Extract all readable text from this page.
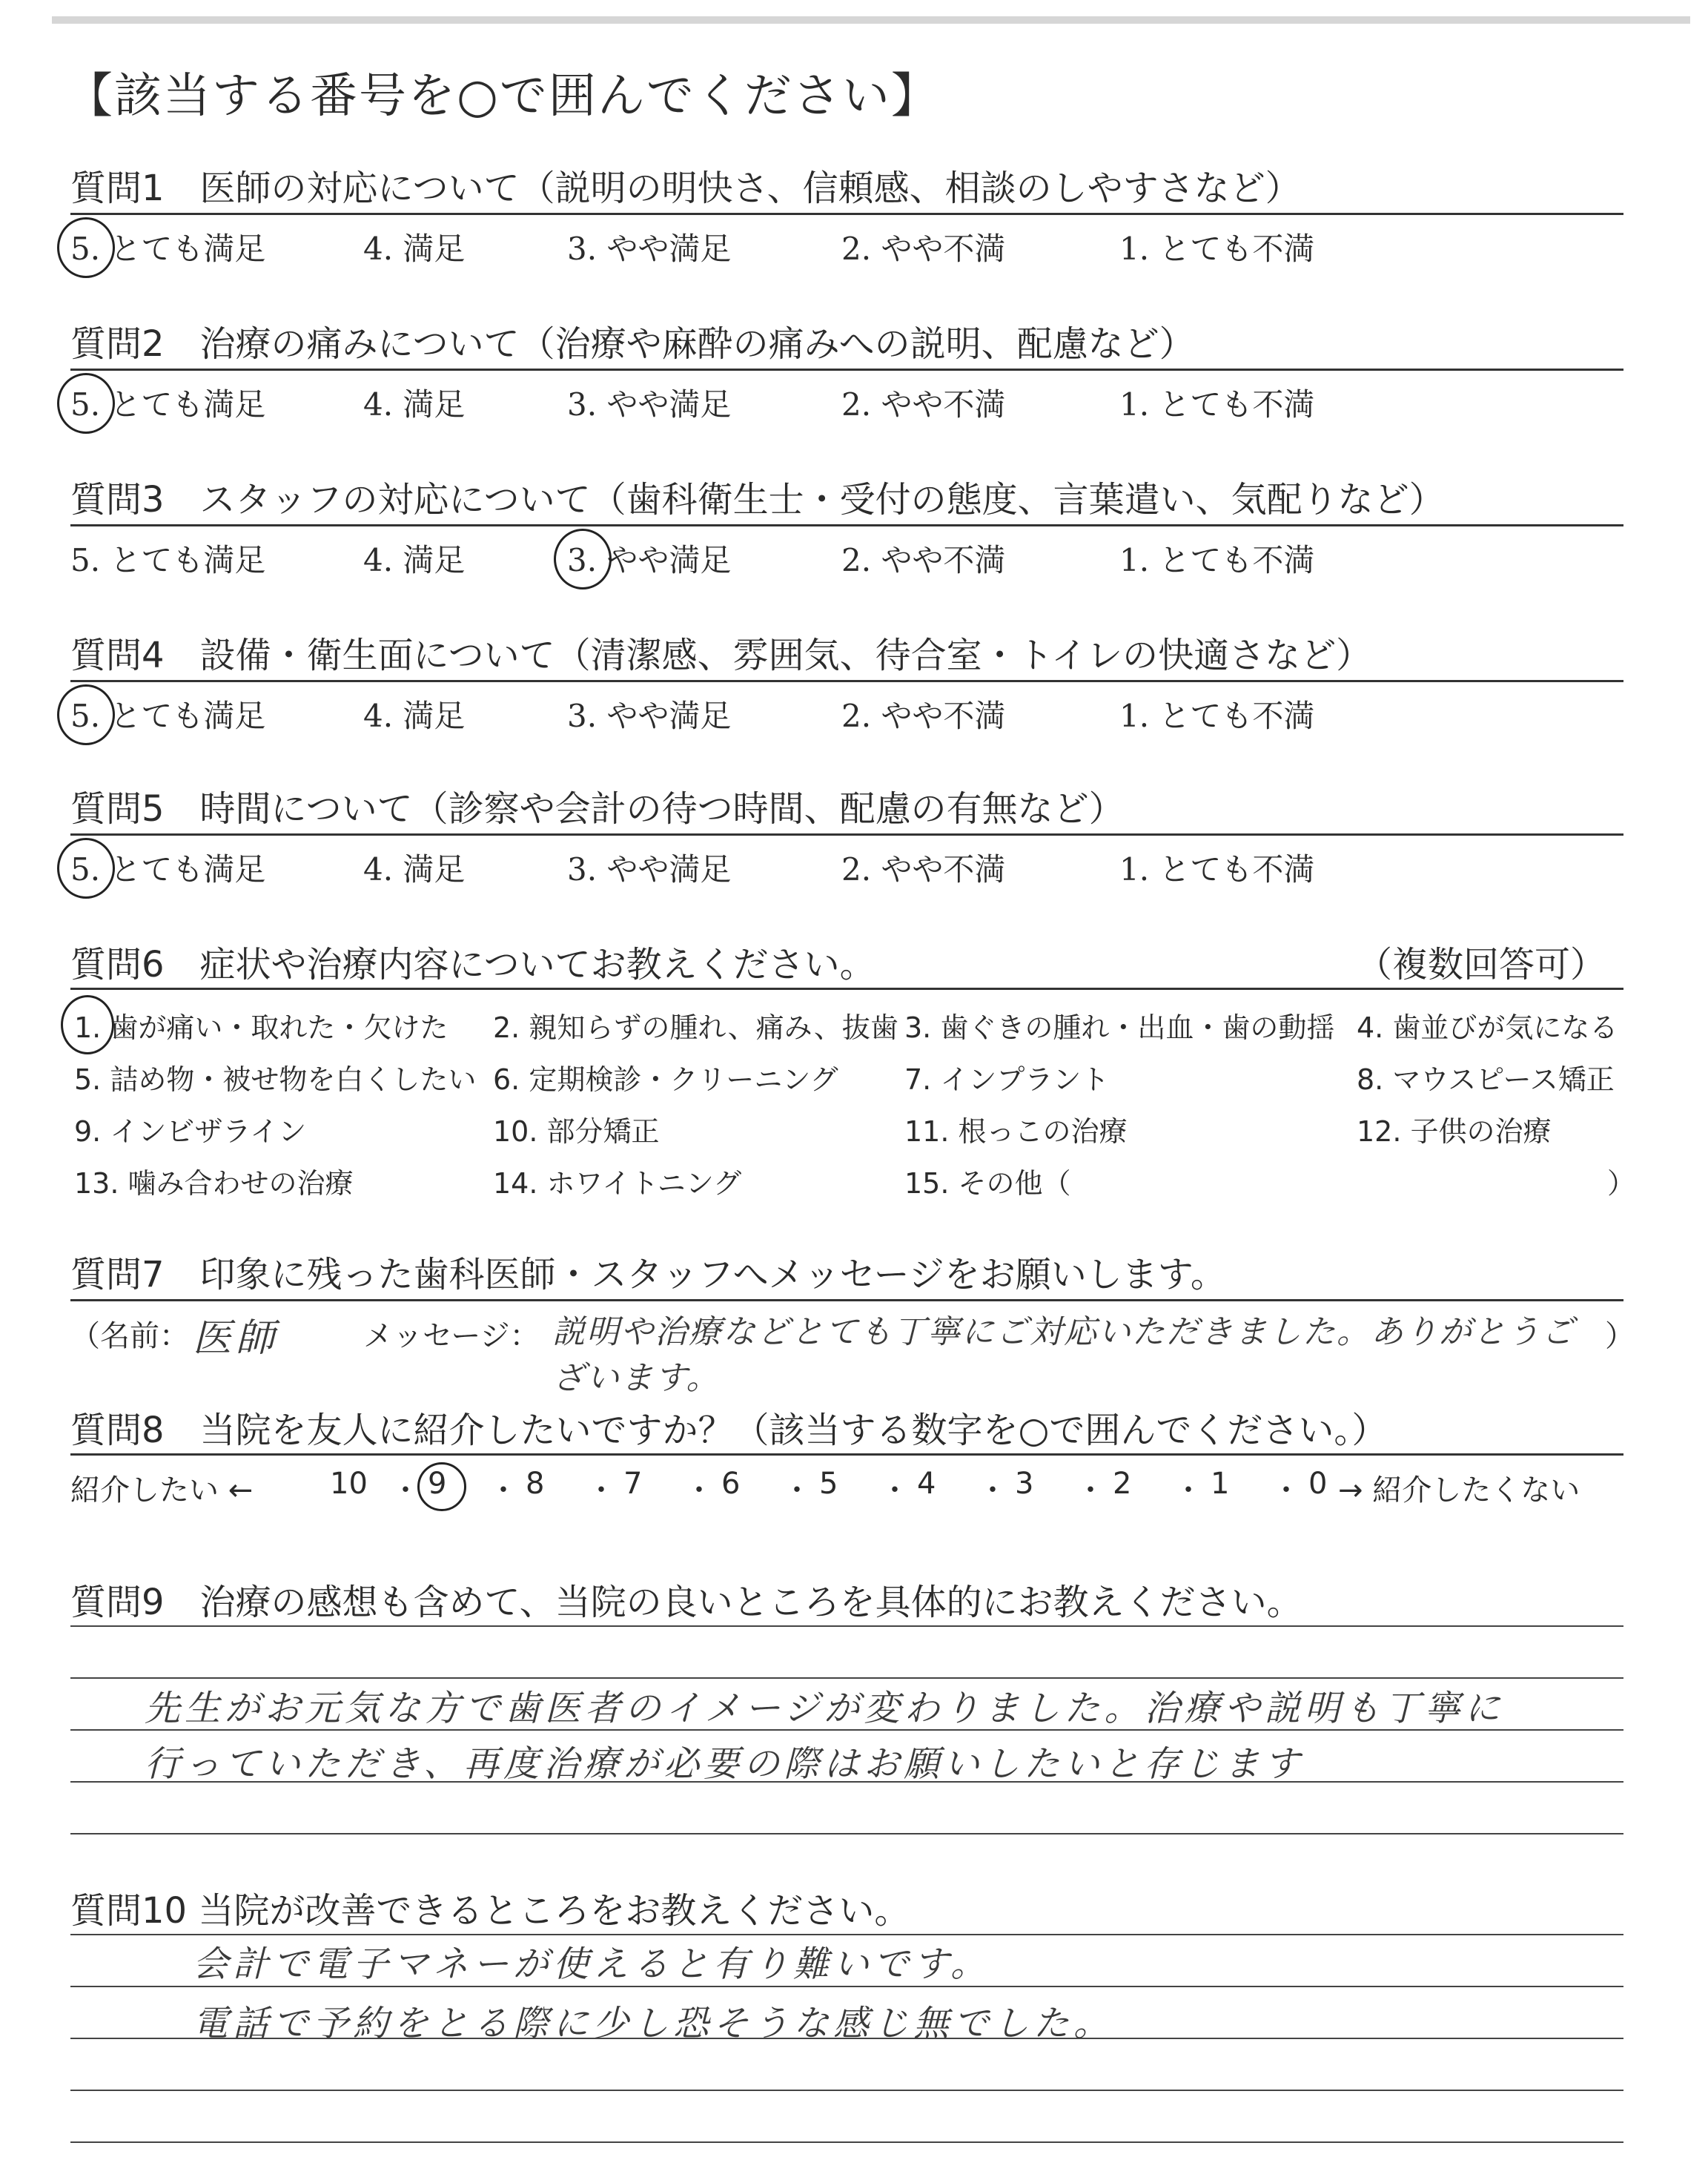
【該当する番号を○で囲んでください】
質問1　医師の対応について（説明の明快さ、信頼感、相談のしやすさなど）
5. とても満足	4. 満足	3. やや満足	2. やや不満	1. とても不満
質問2　治療の痛みについて（治療や麻酔の痛みへの説明、配慮など）
5. とても満足	4. 満足	3. やや満足	2. やや不満	1. とても不満
質問3　スタッフの対応について（歯科衛生士・受付の態度、言葉遣い、気配りなど）
5. とても満足	4. 満足	3. やや満足	2. やや不満	1. とても不満
質問4　設備・衛生面について（清潔感、雰囲気、待合室・トイレの快適さなど）
5. とても満足	4. 満足	3. やや満足	2. やや不満	1. とても不満
質問5　時間について（診察や会計の待つ時間、配慮の有無など）
5. とても満足	4. 満足	3. やや満足	2. やや不満	1. とても不満
質問6　症状や治療内容についてお教えください。	（複数回答可）
1. 歯が痛い・取れた・欠けた 2. 親知らずの腫れ、痛み、抜歯 3. 歯ぐきの腫れ・出血・歯の動揺 4. 歯並びが気になる
5. 詰め物・被せ物を白くしたい 6. 定期検診・クリーニング 7. インプラント	8. マウスピース矯正
9. インビザライン	10. 部分矯正	11. 根っこの治療	12. 子供の治療
13. 噛み合わせの治療	14. ホワイトニング	15. その他（	）
質問7　印象に残った歯科医師・スタッフへメッセージをお願いします。
（名前： 医師	メッセージ： 説明や治療などとても丁寧にご対応いただきました。ありがとうございます。
）
質問8　当院を友人に紹介したいですか？（該当する数字を○で囲んでください。）
紹介したい ←	→ 紹介したくない
10 ・ 9 ・ 8 ・ 7 ・ 6 ・ 5 ・ 4 ・ 3 ・ 2 ・ 1 ・ 0
質問9　治療の感想も含めて、当院の良いところを具体的にお教えください。
先生がお元気な方で歯医者のイメージが変わりました。治療や説明も丁寧に
行っていただき、再度治療が必要の際はお願いしたいと存じます
質問10 当院が改善できるところをお教えください。
会計で電子マネーが使えると有り難いです。
電話で予約をとる際に少し恐そうな感じ無でした。
